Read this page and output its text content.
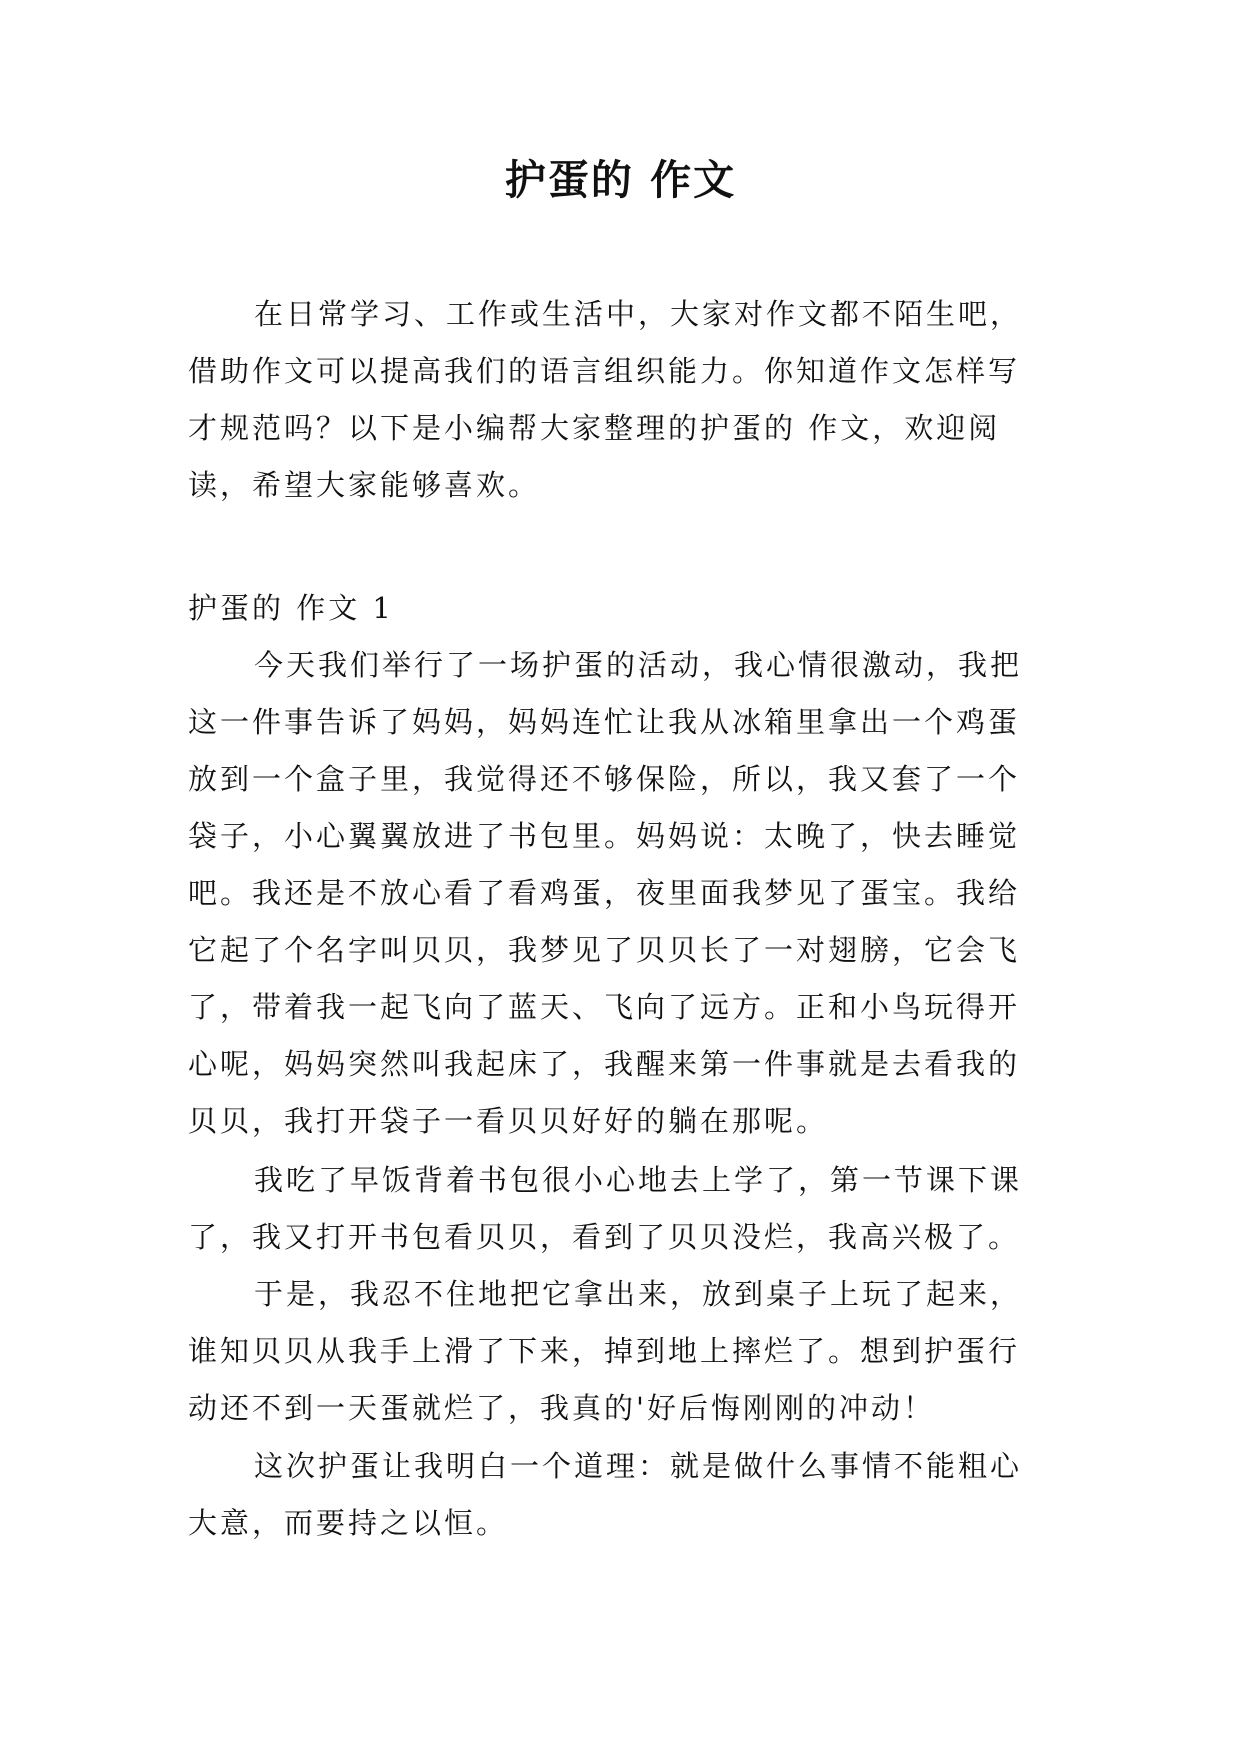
护蛋的 作文

在日常学习、工作或生活中，大家对作文都不陌生吧，
借助作文可以提高我们的语言组织能力。你知道作文怎样写
才规范吗？以下是小编帮大家整理的护蛋的 作文，欢迎阅
读，希望大家能够喜欢。

护蛋的 作文 1

今天我们举行了一场护蛋的活动，我心情很激动，我把
这一件事告诉了妈妈，妈妈连忙让我从冰箱里拿出一个鸡蛋
放到一个盒子里，我觉得还不够保险，所以，我又套了一个
袋子，小心翼翼放进了书包里。妈妈说：太晚了，快去睡觉
吧。我还是不放心看了看鸡蛋，夜里面我梦见了蛋宝。我给
它起了个名字叫贝贝，我梦见了贝贝长了一对翅膀，它会飞
了，带着我一起飞向了蓝天、飞向了远方。正和小鸟玩得开
心呢，妈妈突然叫我起床了，我醒来第一件事就是去看我的
贝贝，我打开袋子一看贝贝好好的躺在那呢。

我吃了早饭背着书包很小心地去上学了，第一节课下课
了，我又打开书包看贝贝，看到了贝贝没烂，我高兴极了。

于是，我忍不住地把它拿出来，放到桌子上玩了起来，
谁知贝贝从我手上滑了下来，掉到地上摔烂了。想到护蛋行
动还不到一天蛋就烂了，我真的'好后悔刚刚的冲动！

这次护蛋让我明白一个道理：就是做什么事情不能粗心
大意，而要持之以恒。
